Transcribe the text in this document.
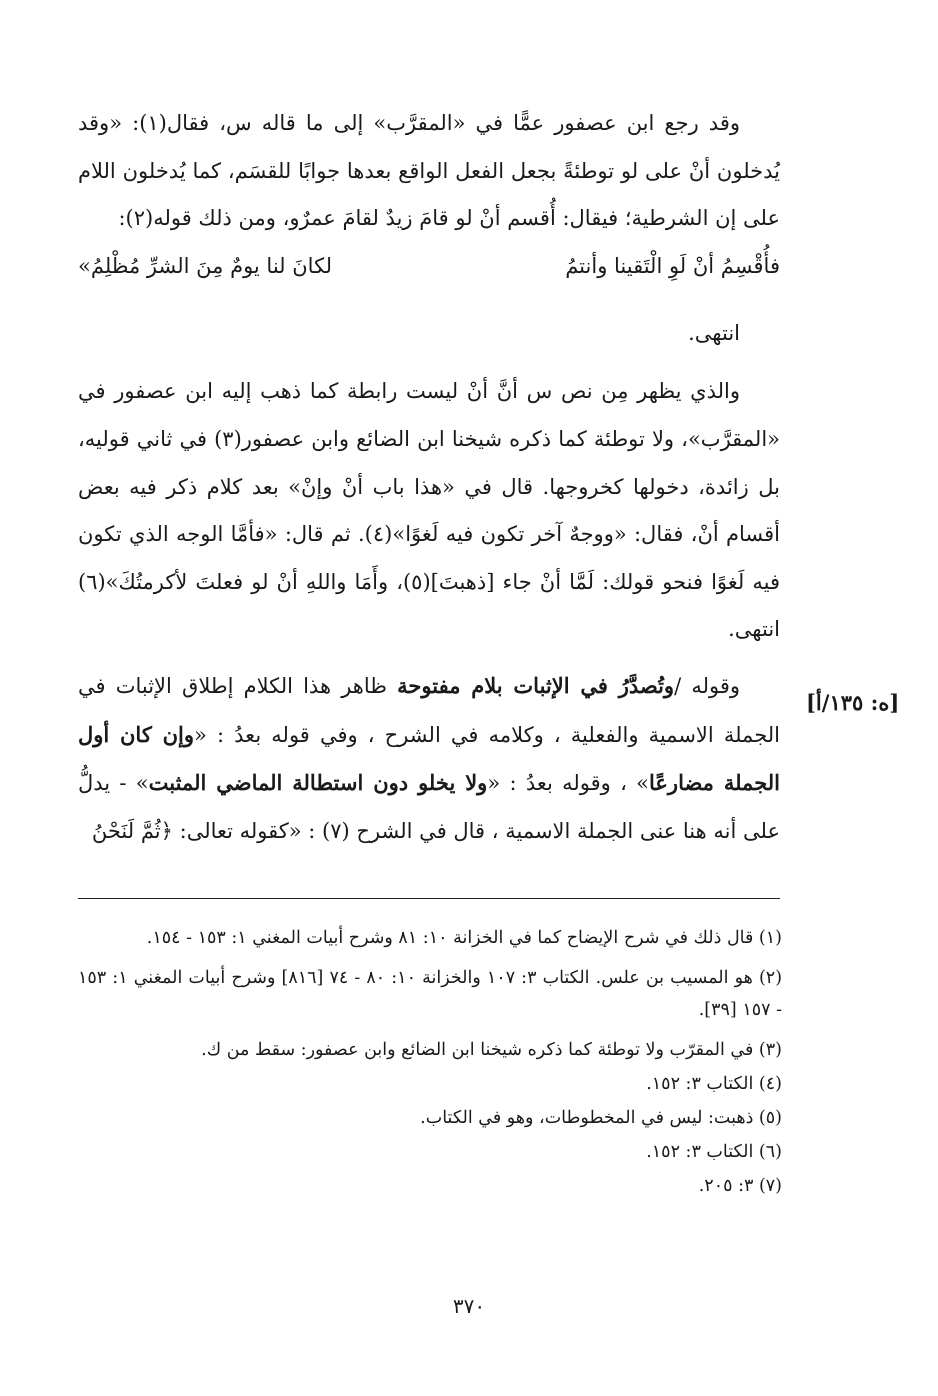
وقد رجع ابن عصفور عمًّا في «المقرَّب» إلى ما قاله س، فقال(١): «وقد يُدخلون أنْ على لو توطئةً بجعل الفعل الواقع بعدها جوابًا للقسَم، كما يُدخلون اللام على إن الشرطية؛ فيقال: أُقسم أنْ لو قامَ زيدٌ لقامَ عمرٌو، ومن ذلك قوله(٢):

فأُقْسِمُ أنْ لَوِ الْتَقينا وأنتمُ
لكانَ لنا يومٌ مِنَ الشرِّ مُظْلِمُ»

انتهى.

والذي يظهر مِن نص س أنَّ أنْ ليست رابطة كما ذهب إليه ابن عصفور في «المقرَّب»، ولا توطئة كما ذكره شيخنا ابن الضائع وابن عصفور(٣) في ثاني قوليه، بل زائدة، دخولها كخروجها. قال في «هذا باب أنْ وإنْ» بعد كلام ذكر فيه بعض أقسام أنْ، فقال: «ووجهٌ آخر تكون فيه لَغوًا»(٤). ثم قال: «فأمَّا الوجه الذي تكون فيه لَغوًا فنحو قولك: لَمَّا أنْ جاء [ذهبتَ](٥)، وأَمَا واللهِ أنْ لو فعلتَ لأكرمتُكَ»(٦) انتهى.

وقوله /وتُصدَّرُ في الإثبات بلام مفتوحة ظاهر هذا الكلام إطلاق الإثبات في الجملة الاسمية والفعلية ، وكلامه في الشرح ، وفي قوله بعدُ : «وإن كان أول الجملة مضارعًا» ، وقوله بعدُ : «ولا يخلو دون استطالة الماضي المثبت» - يدلُّ على أنه هنا عنى الجملة الاسمية ، قال في الشرح (٧) : «كقوله تعالى: ﴿ثُمَّ لَنَحْنُ

[ه: ١٣٥/أ]

(١) قال ذلك في شرح الإيضاح كما في الخزانة ١٠: ٨١ وشرح أبيات المغني ١: ١٥٣ - ١٥٤.

(٢) هو المسيب بن علس. الكتاب ٣: ١٠٧ والخزانة ١٠: ٨٠ - ٧٤ [٨١٦] وشرح أبيات المغني ١: ١٥٣ - ١٥٧ [٣٩].

(٣) في المقرّب ولا توطئة كما ذكره شيخنا ابن الضائع وابن عصفور: سقط من ك.

(٤) الكتاب ٣: ١٥٢.

(٥) ذهبت: ليس في المخطوطات، وهو في الكتاب.

(٦) الكتاب ٣: ١٥٢.

(٧) ٣: ٢٠٥.

٣٧٠
